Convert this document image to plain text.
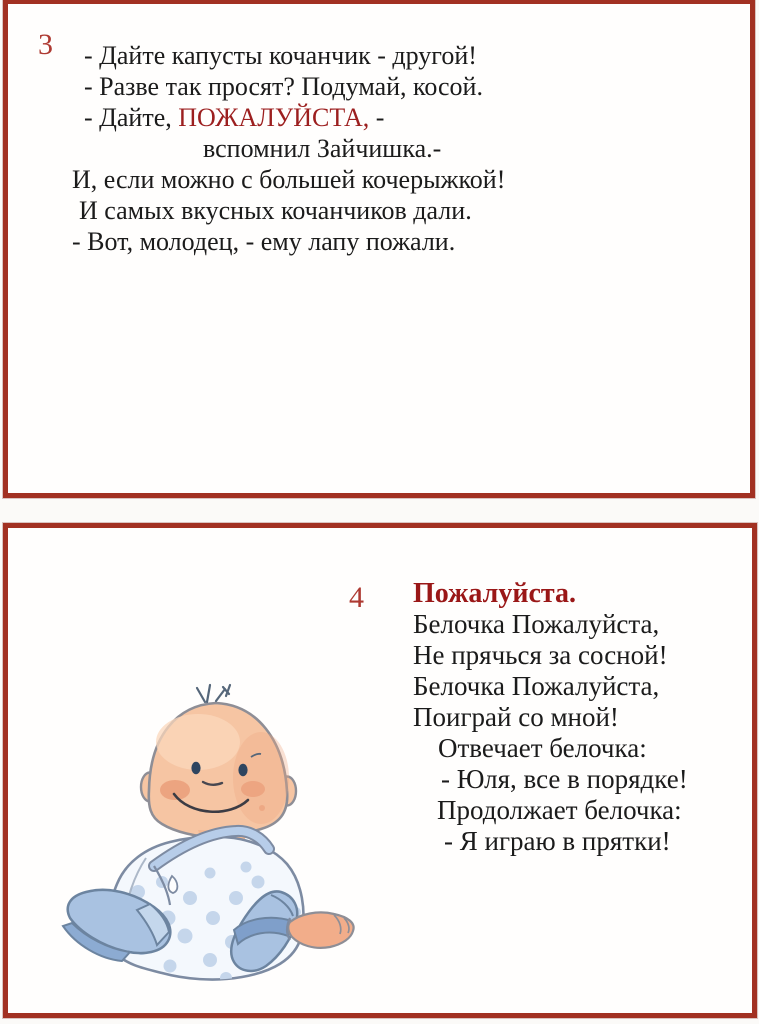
3 - Дайте капусты кочанчик - другой!
- Разве так просят? Подумай, косой.
- Дайте, ПОЖАЛУЙСТА, -
вспомнил Зайчишка.-
И, если можно с большей кочерыжкой!
И самых вкусных кочанчиков дали.
- Вот, молодец, - ему лапу пожали.
4 Пожалуйста.
Белочка Пожалуйста,
Не прячься за сосной!
Белочка Пожалуйста,
Поиграй со мной!
Отвечает белочка:
- Юля, все в порядке!
Продолжает белочка:
- Я играю в прятки!
